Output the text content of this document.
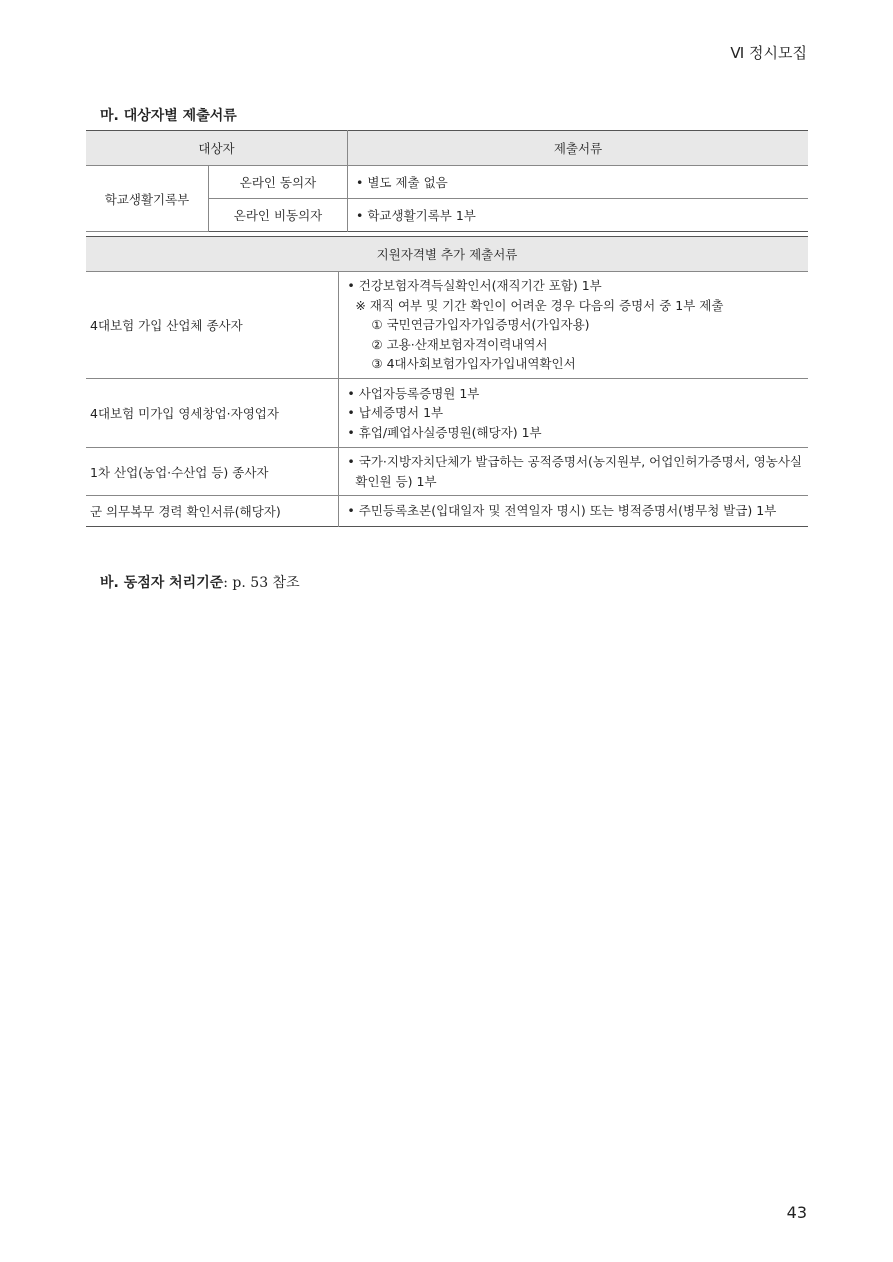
Ⅵ 정시모집
마. 대상자별 제출서류
대상자		제출서류
학교생활기록부	온라인 동의자	• 별도 제출 없음
	온라인 비동의자	• 학교생활기록부 1부
지원자격별 추가 제출서류	
4대보험 가입 산업체 종사자	• 건강보험자격득실확인서(재직기간 포함) 1부
※ 재직 여부 및 기간 확인이 어려운 경우 다음의 증명서 중 1부 제출
① 국민연금가입자가입증명서(가입자용)
② 고용·산재보험자격이력내역서
③ 4대사회보험가입자가입내역확인서

4대보험 미가입 영세창업·자영업자	• 사업자등록증명원 1부
• 납세증명서 1부
• 휴업/폐업사실증명원(해당자) 1부

1차 산업(농업·수산업 등) 종사자	• 국가·지방자치단체가 발급하는 공적증명서(농지원부, 어업인허가증명서, 영농사실
확인원 등) 1부

군 의무복무 경력 확인서류(해당자)	• 주민등록초본(입대일자 및 전역일자 명시) 또는 병적증명서(병무청 발급) 1부
바. 동점자 처리기준: p. 53 참조
43
